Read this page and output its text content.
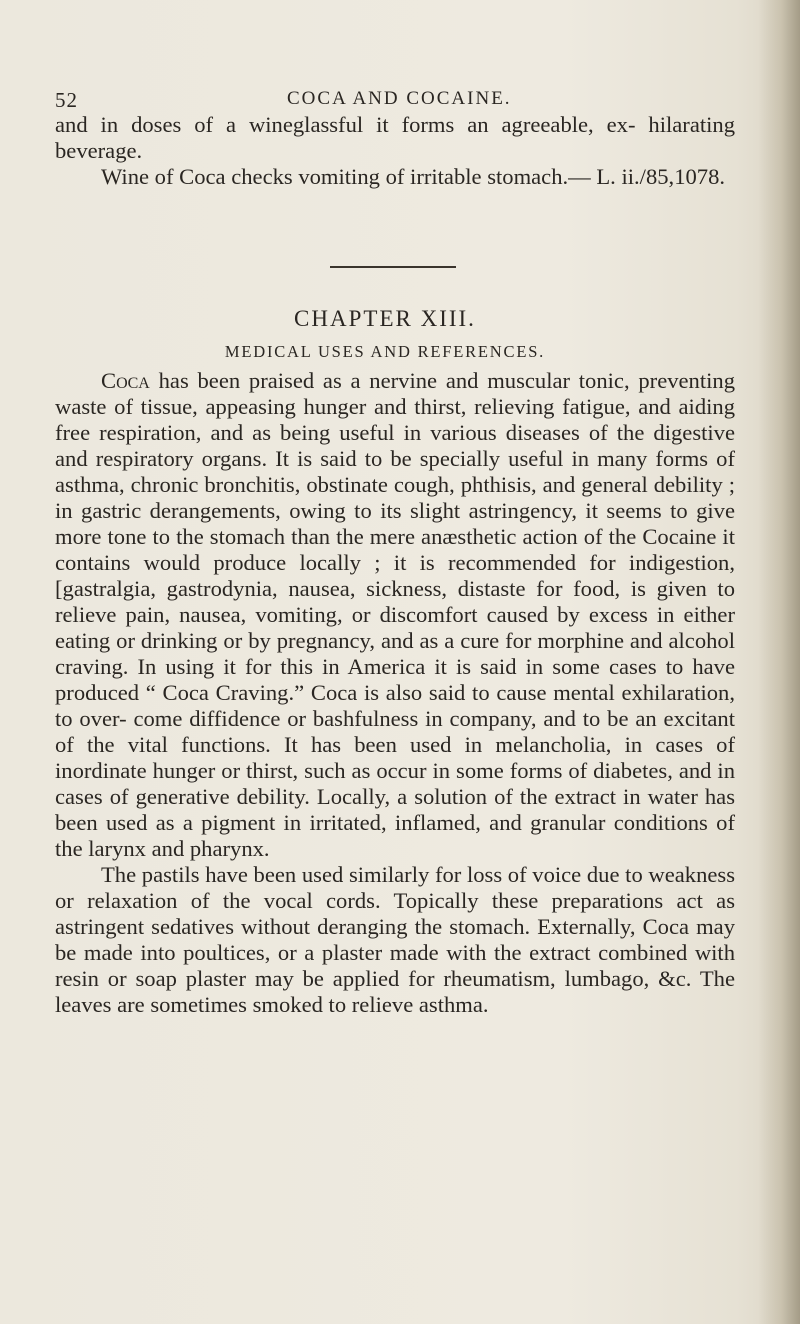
52	COCA AND COCAINE.

and in doses of a wineglassful it forms an agreeable, ex- hilarating beverage.

Wine of Coca checks vomiting of irritable stomach.— L. ii./85,1078.

CHAPTER XIII.
MEDICAL USES AND REFERENCES.

Coca has been praised as a nervine and muscular tonic, preventing waste of tissue, appeasing hunger and thirst, relieving fatigue, and aiding free respiration, and as being useful in various diseases of the digestive and respiratory organs. It is said to be specially useful in many forms of asthma, chronic bronchitis, obstinate cough, phthisis, and general debility ; in gastric derangements, owing to its slight astringency, it seems to give more tone to the stomach than the mere anæsthetic action of the Cocaine it contains would produce locally ; it is recommended for indigestion,[gastralgia, gastrodynia, nausea, sickness, distaste for food, is given to relieve pain, nausea, vomiting, or discomfort caused by excess in either eating or drinking or by pregnancy, and as a cure for morphine and alcohol craving. In using it for this in America it is said in some cases to have produced “ Coca Craving.” Coca is also said to cause mental exhilaration, to over- come diffidence or bashfulness in company, and to be an excitant of the vital functions. It has been used in melancholia, in cases of inordinate hunger or thirst, such as occur in some forms of diabetes, and in cases of generative debility. Locally, a solution of the extract in water has been used as a pigment in irritated, inflamed, and granular conditions of the larynx and pharynx.

The pastils have been used similarly for loss of voice due to weakness or relaxation of the vocal cords. Topically these preparations act as astringent sedatives without deranging the stomach. Externally, Coca may be made into poultices, or a plaster made with the extract combined with resin or soap plaster may be applied for rheumatism, lumbago, &c. The leaves are sometimes smoked to relieve asthma.
